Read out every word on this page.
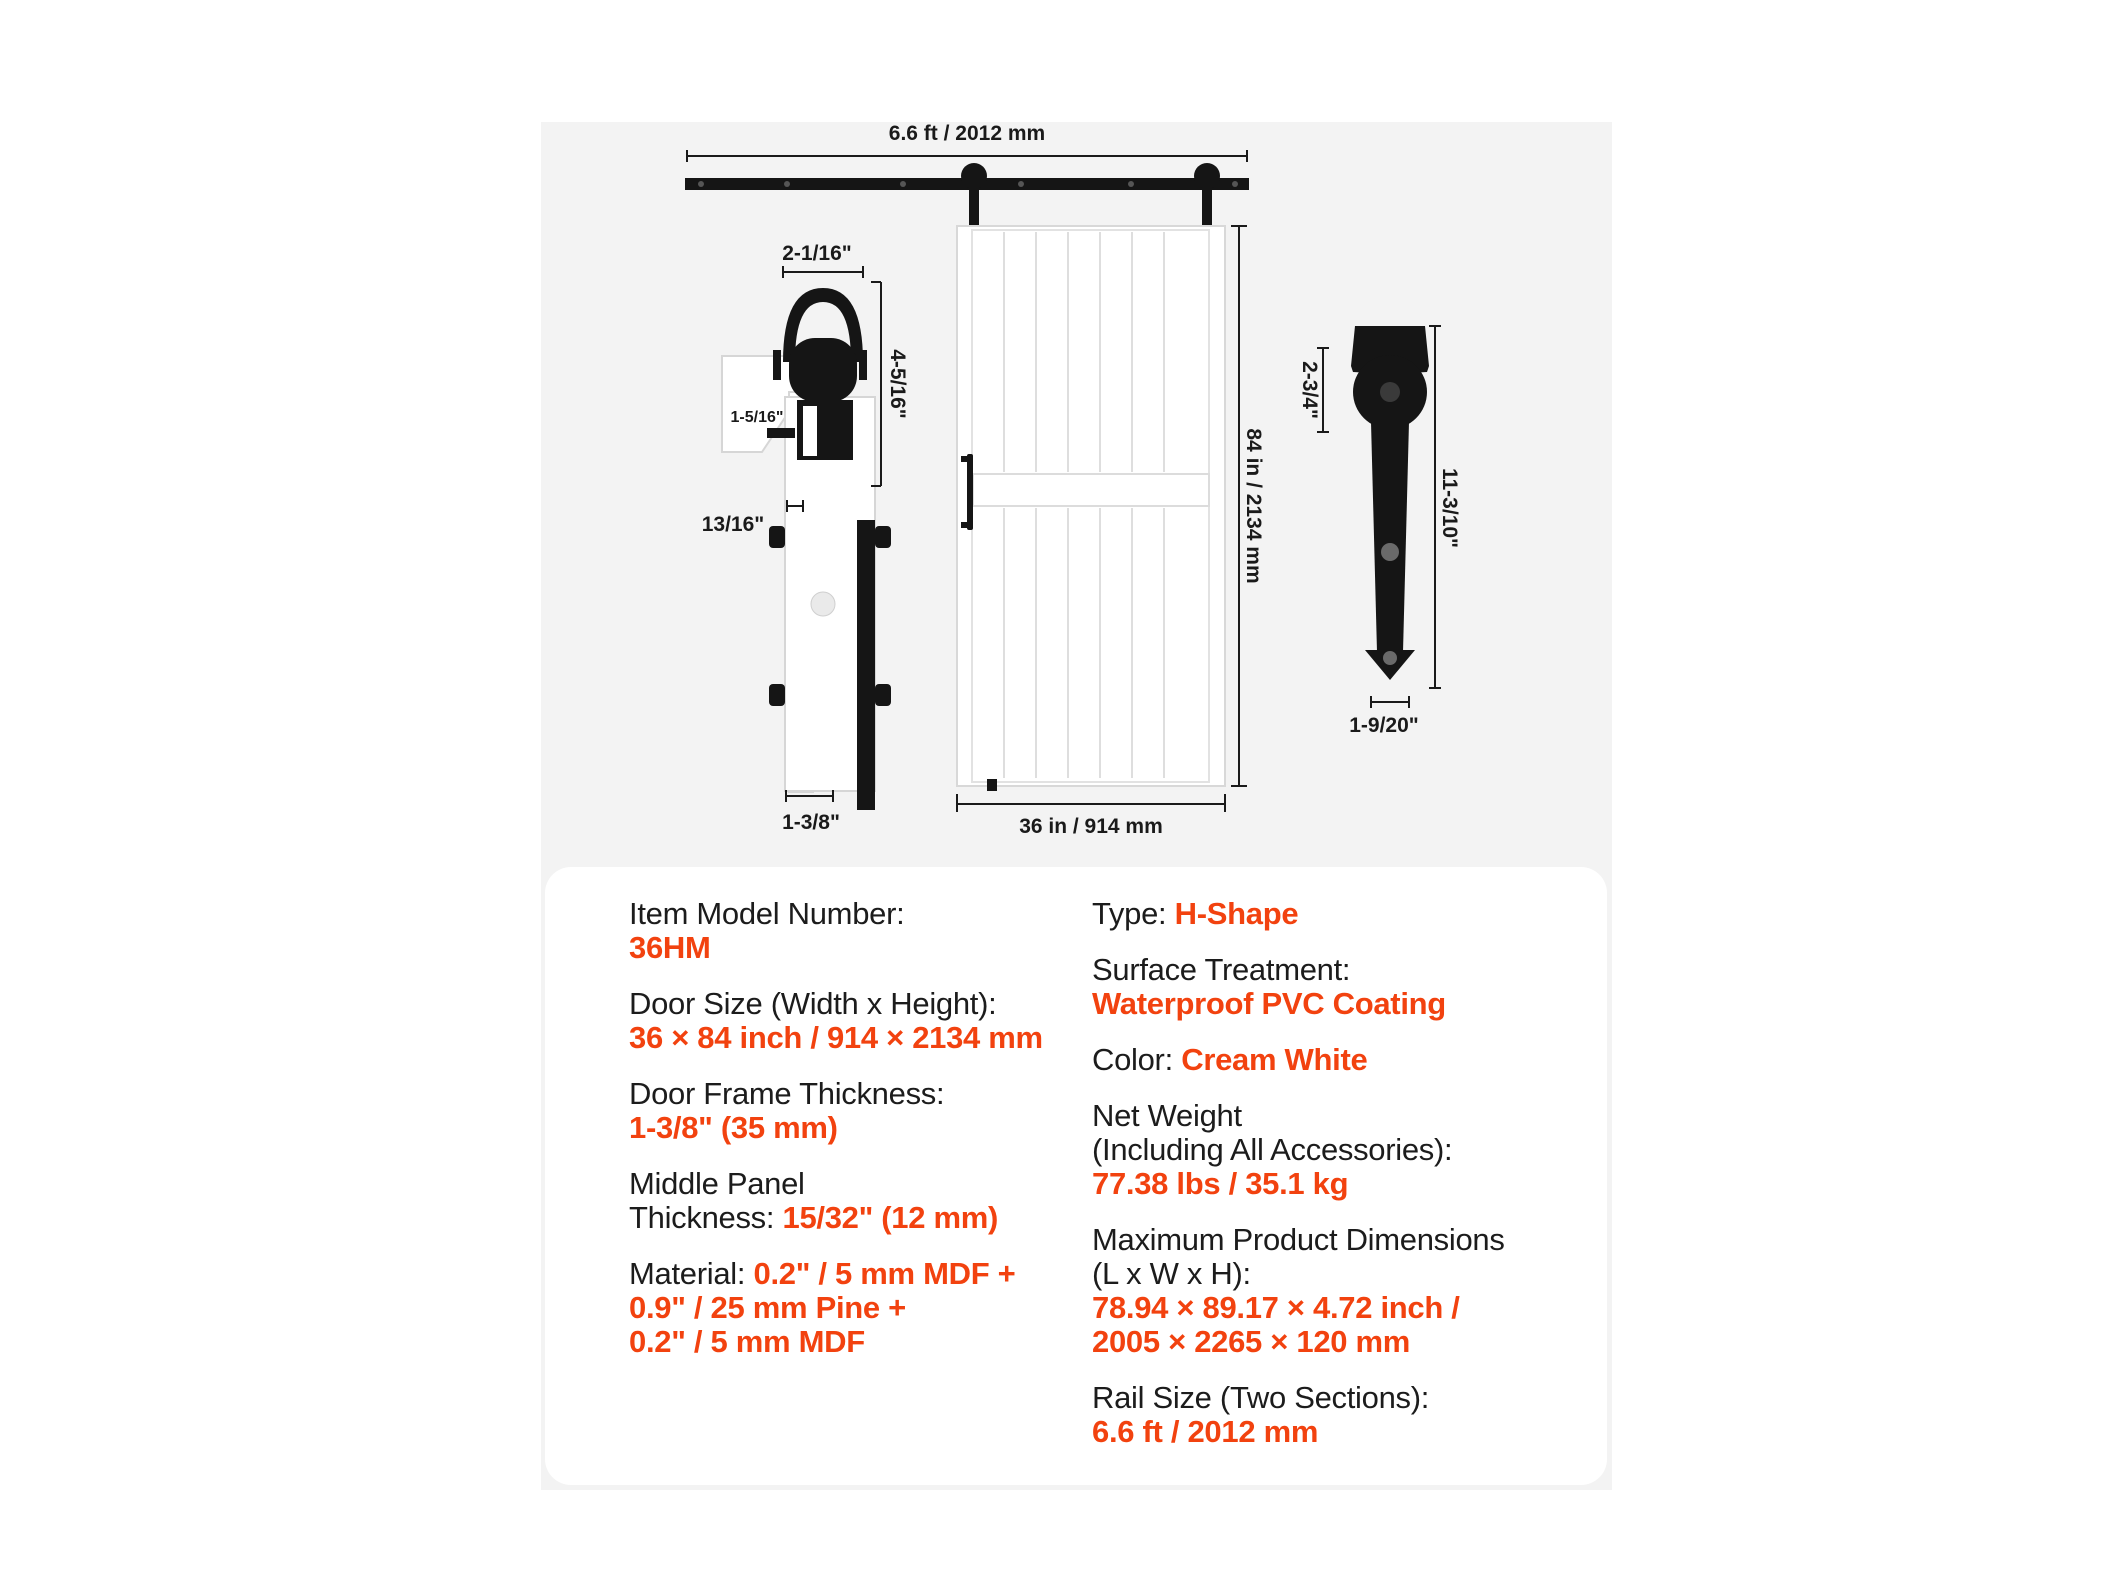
6.6 ft / 2012 mm
84 in / 2134 mm
36 in / 914 mm
2-1/16"
4-5/16"
1-5/16"
13/16"
1-3/8"
2-3/4"
11-3/10"
1-9/20"
Item Model Number:
36HM
Door Size (Width x Height):
36 × 84 inch / 914 × 2134 mm
Door Frame Thickness:
1-3/8" (35 mm)
Middle Panel
Thickness: 15/32" (12 mm)
Material: 0.2" / 5 mm MDF +
0.9" / 25 mm Pine +
0.2" / 5 mm MDF
Type: H-Shape
Surface Treatment:
Waterproof PVC Coating
Color: Cream White
Net Weight
(Including All Accessories):
77.38 lbs / 35.1 kg
Maximum Product Dimensions
(L x W x H):
78.94 × 89.17 × 4.72 inch /
2005 × 2265 × 120 mm
Rail Size (Two Sections):
6.6 ft / 2012 mm
